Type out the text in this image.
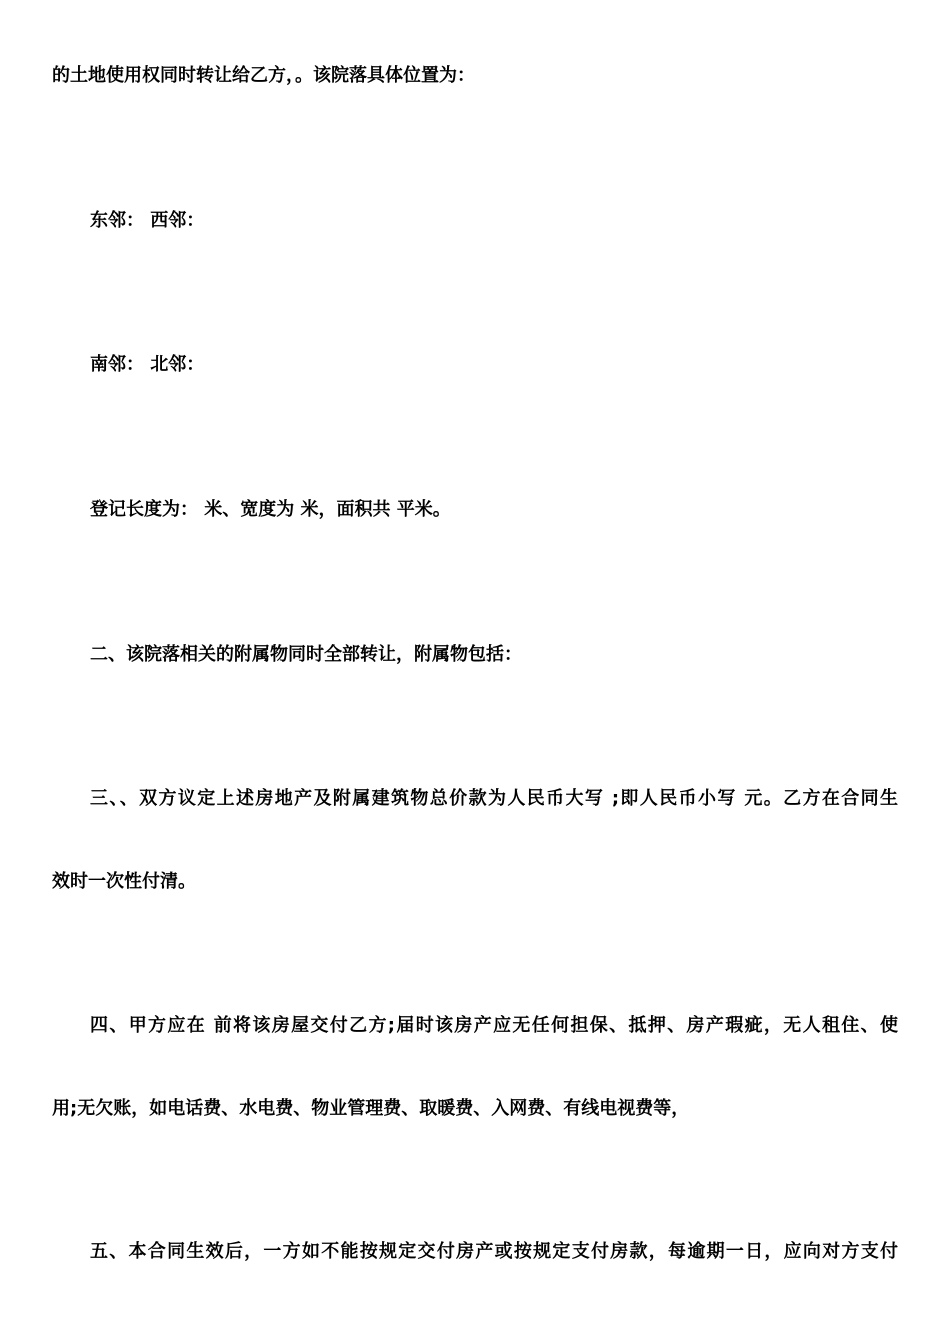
的土地使用权同时转让给乙方，。该院落具体位置为：
东邻： 西邻：
南邻： 北邻：
登记长度为： 米、宽度为 米，面积共 平米。
二、该院落相关的附属物同时全部转让，附属物包括：
三、、双方议定上述房地产及附属建筑物总价款为人民币大写 ;即人民币小写 元。乙方在合同生
效时一次性付清。
四、甲方应在 前将该房屋交付乙方;届时该房产应无任何担保、抵押、房产瑕疵，无人租住、使
用;无欠账，如电话费、水电费、物业管理费、取暖费、入网费、有线电视费等，
五、本合同生效后，一方如不能按规定交付房产或按规定支付房款，每逾期一日，应向对方支付
